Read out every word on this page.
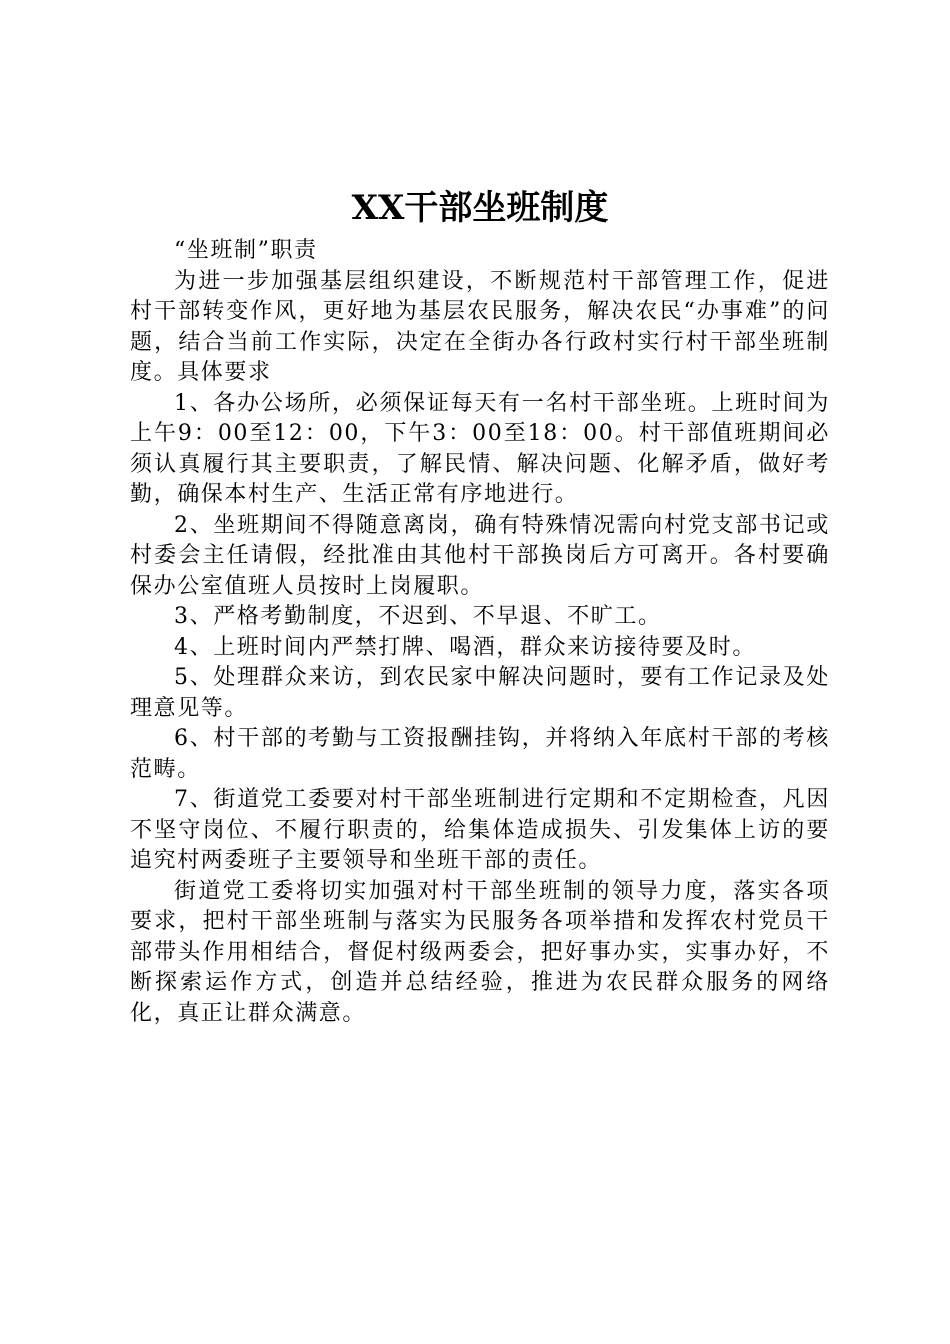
XX干部坐班制度

“坐班制”职责

为进一步加强基层组织建设，不断规范村干部管理工作，促进村干部转变作风，更好地为基层农民服务，解决农民“办事难”的问题，结合当前工作实际，决定在全街办各行政村实行村干部坐班制度。具体要求

1、各办公场所，必须保证每天有一名村干部坐班。上班时间为上午9：00至12：00，下午3：00至18：00。村干部值班期间必须认真履行其主要职责，了解民情、解决问题、化解矛盾，做好考勤，确保本村生产、生活正常有序地进行。

2、坐班期间不得随意离岗，确有特殊情况需向村党支部书记或村委会主任请假，经批准由其他村干部换岗后方可离开。各村要确保办公室值班人员按时上岗履职。

3、严格考勤制度，不迟到、不早退、不旷工。

4、上班时间内严禁打牌、喝酒，群众来访接待要及时。

5、处理群众来访，到农民家中解决问题时，要有工作记录及处理意见等。

6、村干部的考勤与工资报酬挂钩，并将纳入年底村干部的考核范畴。

7、街道党工委要对村干部坐班制进行定期和不定期检查，凡因不坚守岗位、不履行职责的，给集体造成损失、引发集体上访的要追究村两委班子主要领导和坐班干部的责任。

街道党工委将切实加强对村干部坐班制的领导力度，落实各项要求，把村干部坐班制与落实为民服务各项举措和发挥农村党员干部带头作用相结合，督促村级两委会，把好事办实，实事办好，不断探索运作方式，创造并总结经验，推进为农民群众服务的网络化，真正让群众满意。
